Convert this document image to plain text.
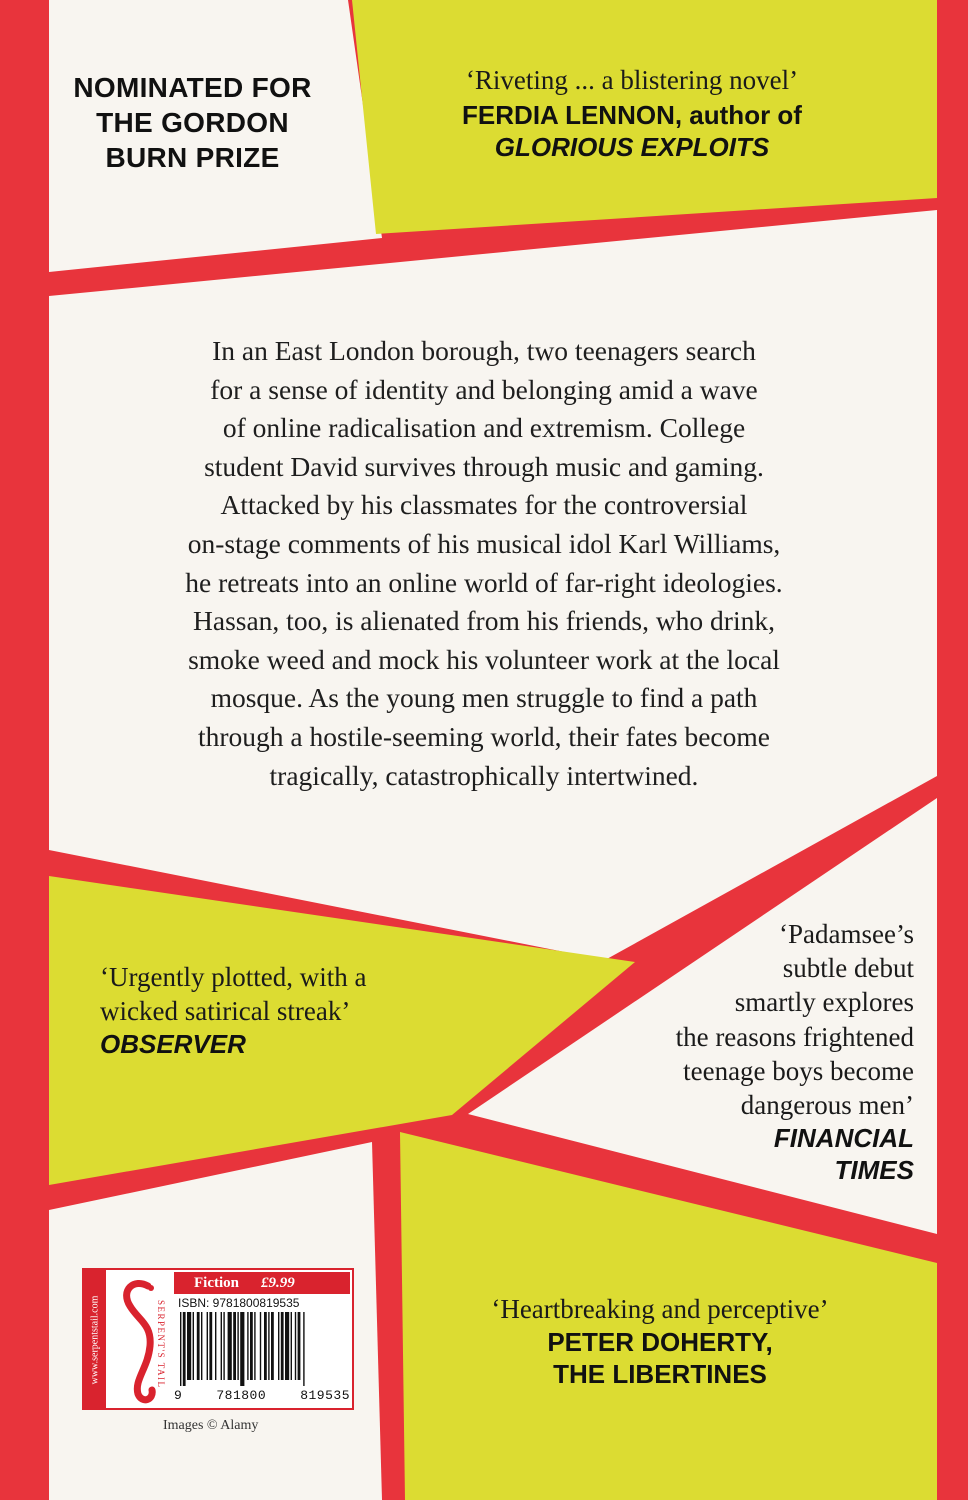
NOMINATED FOR THE GORDON BURN PRIZE

‘Riveting ... a blistering novel’

FERDIA LENNON, author of

GLORIOUS EXPLOITS

In an East London borough, two teenagers search
for a sense of identity and belonging amid a wave
of online radicalisation and extremism. College
student David survives through music and gaming.
Attacked by his classmates for the controversial
on-stage comments of his musical idol Karl Williams,
he retreats into an online world of far-right ideologies.
Hassan, too, is alienated from his friends, who drink,
smoke weed and mock his volunteer work at the local
mosque. As the young men struggle to find a path
through a hostile-seeming world, their fates become
tragically, catastrophically intertwined.
‘Urgently plotted, with a
wicked satirical streak’

OBSERVER

‘Padamsee’s
subtle debut
smartly explores
the reasons frightened
teenage boys become
dangerous men’
FINANCIAL
TIMES

‘Heartbreaking and perceptive’

PETER DOHERTY,
THE LIBERTINES
www.serpentstail.com	SERPENT'S TAIL
Fiction £9.99
ISBN: 9781800819535
9	781800	819535

Images © Alamy
